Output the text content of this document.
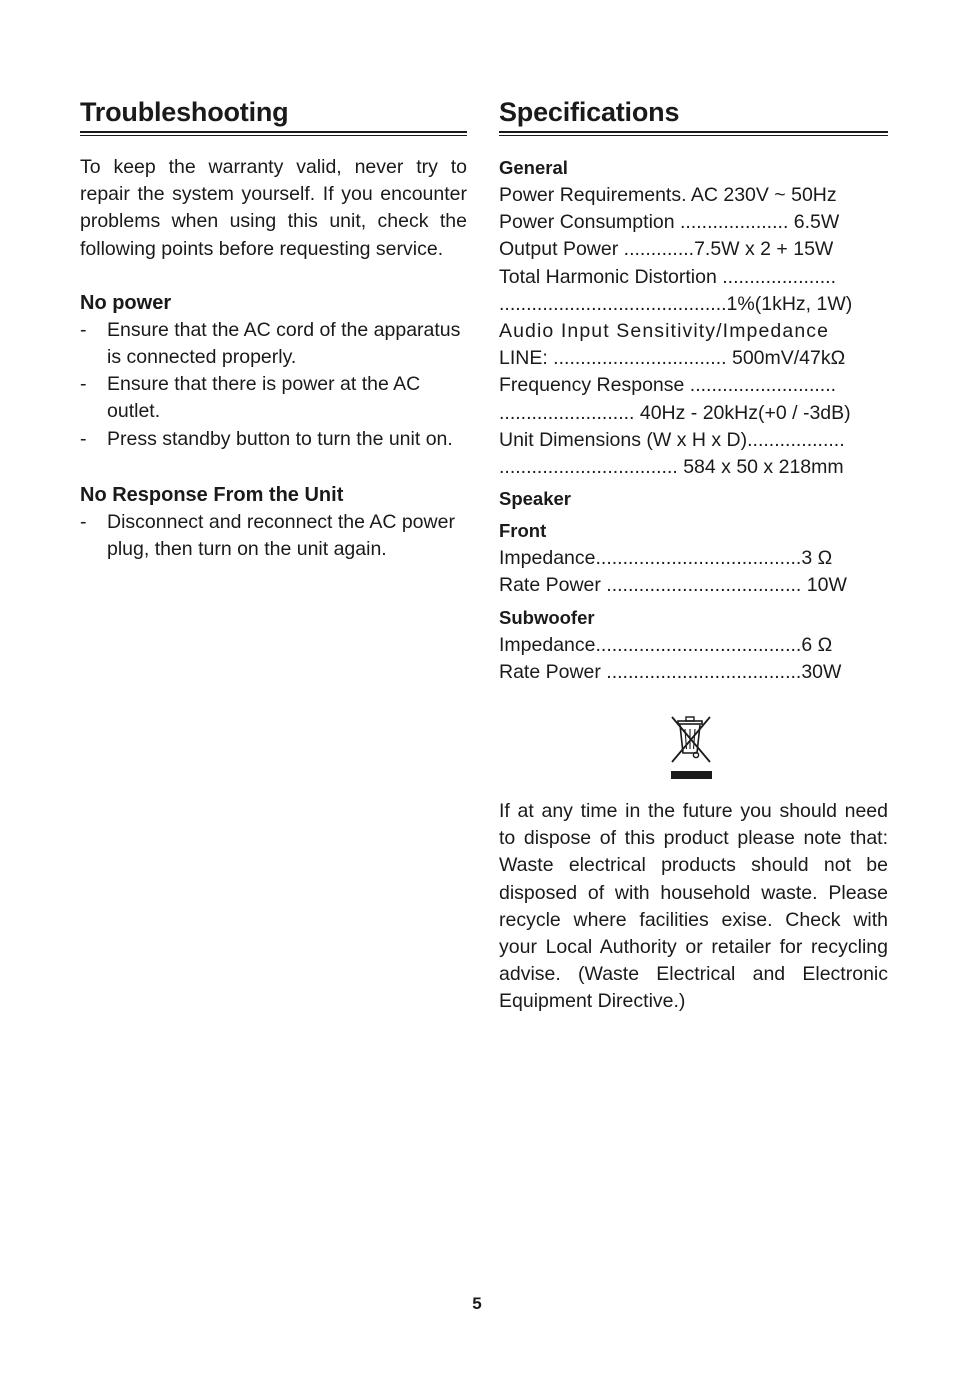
Troubleshooting

To keep the warranty valid, never try to repair the system yourself. If you encounter problems when using this unit, check the following points before requesting service.

No power
- Ensure that the AC cord of the apparatus is connected properly.
- Ensure that there is power at the AC outlet.
- Press standby button to turn the unit on.
No Response From the Unit
- Disconnect and reconnect the AC power plug, then turn on the unit again.
Specifications
General
Power Requirements. AC 230V ~ 50Hz
Power Consumption .................... 6.5W
Output Power .............7.5W x 2 + 15W
Total Harmonic Distortion .....................
..........................................1%(1kHz, 1W)
Audio Input Sensitivity/Impedance
LINE: ................................ 500mV/47kΩ
Frequency Response ...........................
......................... 40Hz - 20kHz(+0 / -3dB)
Unit Dimensions (W x H x D)..................
................................. 584 x 50 x 218mm
Speaker
Front
Impedance......................................3 Ω
Rate Power .................................... 10W
Subwoofer
Impedance......................................6 Ω
Rate Power ....................................30W

If at any time in the future you should need to dispose of this product please note that: Waste electrical products should not be disposed of with household waste. Please recycle where facilities exise. Check with your Local Authority or retailer for recycling advise. (Waste Electrical and Electronic Equipment Directive.)

5
